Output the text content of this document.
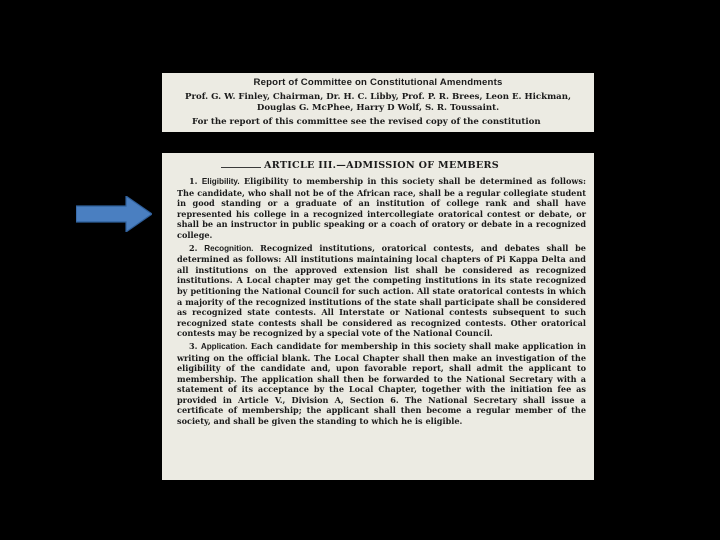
Report of Committee on Constitutional Amendments
Prof. G. W. Finley, Chairman, Dr. H. C. Libby, Prof. P. R. Brees, Leon E. Hickman, Douglas G. McPhee, Harry D Wolf, S. R. Toussaint.
For the report of this committee see the revised copy of the constitution
ARTICLE III.—ADMISSION OF MEMBERS

1. Eligibility. Eligibility to membership in this society shall be determined as follows: The candidate, who shall not be of the African race, shall be a regular collegiate student in good standing or a graduate of an institution of college rank and shall have represented his college in a recognized intercollegiate oratorical contest or debate, or shall be an instructor in public speaking or a coach of oratory or debate in a recognized college.

2. Recognition. Recognized institutions, oratorical contests, and debates shall be determined as follows: All institutions maintaining local chapters of Pi Kappa Delta and all institutions on the approved extension list shall be considered as recognized institutions. A Local chapter may get the competing institutions in its state recognized by petitioning the National Council for such action. All state oratorical contests in which a majority of the recognized institutions of the state shall participate shall be considered as recognized state contests. All Interstate or National contests subsequent to such recognized state contests shall be considered as recognized contests. Other oratorical contests may be recognized by a special vote of the National Council.

3. Application. Each candidate for membership in this society shall make application in writing on the official blank. The Local Chapter shall then make an investigation of the eligibility of the candidate and, upon favorable report, shall admit the applicant to membership. The application shall then be forwarded to the National Secretary with a statement of its acceptance by the Local Chapter, together with the initiation fee as provided in Article V., Division A, Section 6. The National Secretary shall issue a certificate of membership; the applicant shall then become a regular member of the society, and shall be given the standing to which he is eligible.
